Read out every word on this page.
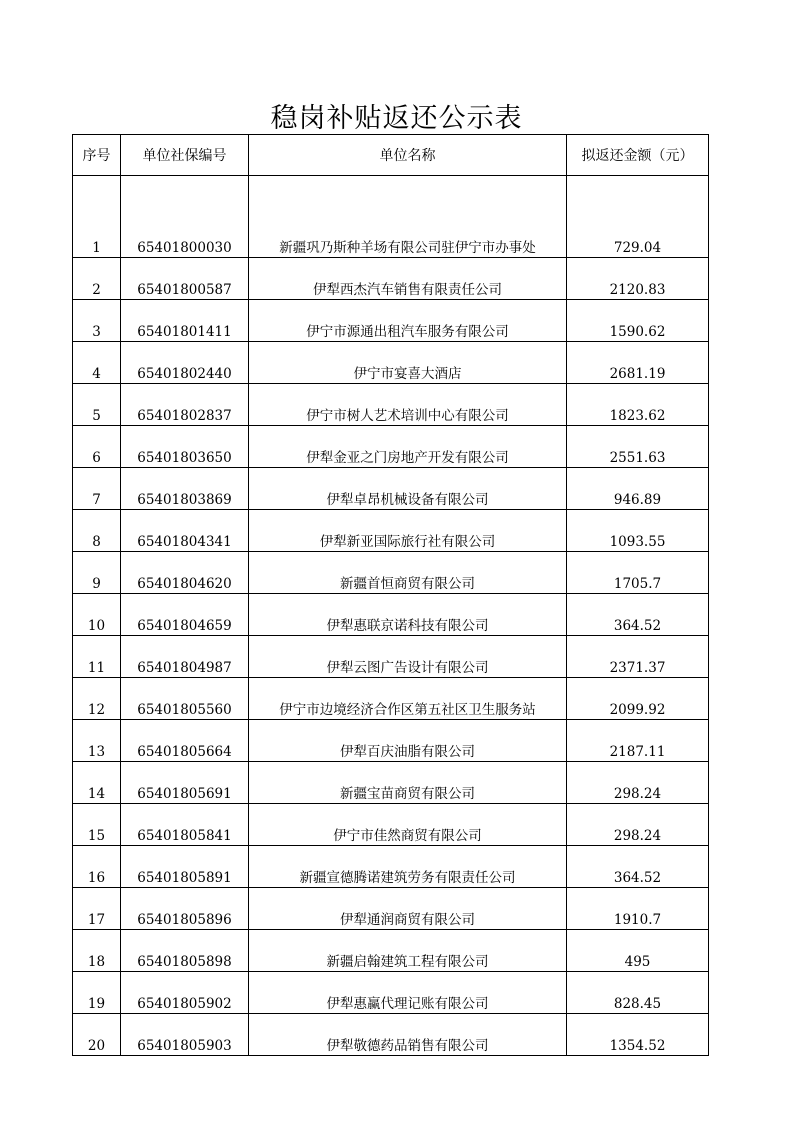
稳岗补贴返还公示表
序号	单位社保编号	单位名称	拟返还金额（元）
1	65401800030	新疆巩乃斯种羊场有限公司驻伊宁市办事处	729.04
2	65401800587	伊犁西杰汽车销售有限责任公司	2120.83
3	65401801411	伊宁市源通出租汽车服务有限公司	1590.62
4	65401802440	伊宁市宴喜大酒店	2681.19
5	65401802837	伊宁市树人艺术培训中心有限公司	1823.62
6	65401803650	伊犁金亚之门房地产开发有限公司	2551.63
7	65401803869	伊犁卓昂机械设备有限公司	946.89
8	65401804341	伊犁新亚国际旅行社有限公司	1093.55
9	65401804620	新疆首恒商贸有限公司	1705.7
10	65401804659	伊犁惠联京诺科技有限公司	364.52
11	65401804987	伊犁云图广告设计有限公司	2371.37
12	65401805560	伊宁市边境经济合作区第五社区卫生服务站	2099.92
13	65401805664	伊犁百庆油脂有限公司	2187.11
14	65401805691	新疆宝苗商贸有限公司	298.24
15	65401805841	伊宁市佳然商贸有限公司	298.24
16	65401805891	新疆宣德腾诺建筑劳务有限责任公司	364.52
17	65401805896	伊犁通润商贸有限公司	1910.7
18	65401805898	新疆启翰建筑工程有限公司	495
19	65401805902	伊犁惠赢代理记账有限公司	828.45
20	65401805903	伊犁敬德药品销售有限公司	1354.52
